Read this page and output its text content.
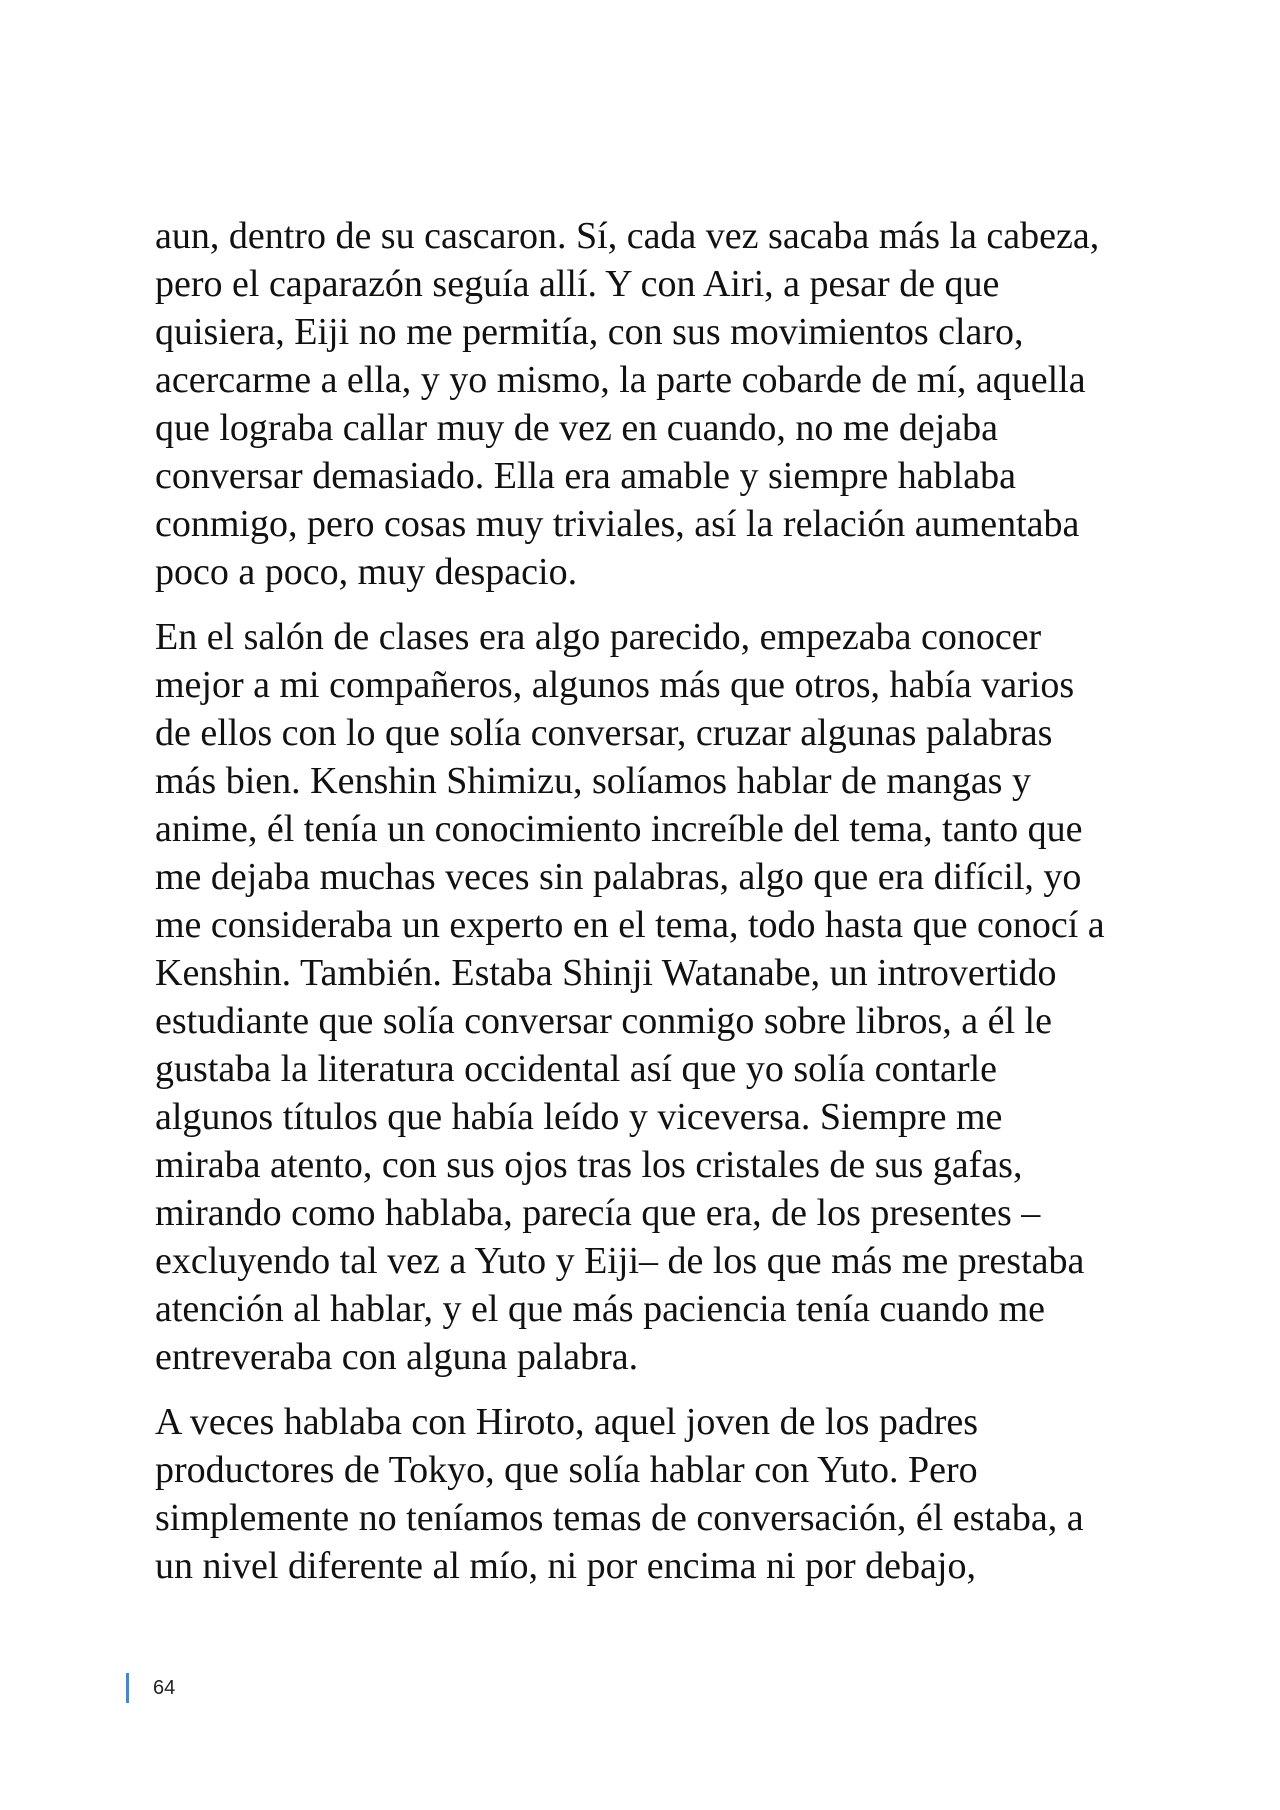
aun, dentro de su cascaron. Sí, cada vez sacaba más la cabeza,
pero el caparazón seguía allí. Y con Airi, a pesar de que
quisiera, Eiji no me permitía, con sus movimientos claro,
acercarme a ella, y yo mismo, la parte cobarde de mí, aquella
que lograba callar muy de vez en cuando, no me dejaba
conversar demasiado. Ella era amable y siempre hablaba
conmigo, pero cosas muy triviales, así la relación aumentaba
poco a poco, muy despacio.
En el salón de clases era algo parecido, empezaba conocer
mejor a mi compañeros, algunos más que otros, había varios
de ellos con lo que solía conversar, cruzar algunas palabras
más bien. Kenshin Shimizu, solíamos hablar de mangas y
anime, él tenía un conocimiento increíble del tema, tanto que
me dejaba muchas veces sin palabras, algo que era difícil, yo
me consideraba un experto en el tema, todo hasta que conocí a
Kenshin. También. Estaba Shinji Watanabe, un introvertido
estudiante que solía conversar conmigo sobre libros, a él le
gustaba la literatura occidental así que yo solía contarle
algunos títulos que había leído y viceversa. Siempre me
miraba atento, con sus ojos tras los cristales de sus gafas,
mirando como hablaba, parecía que era, de los presentes –
excluyendo tal vez a Yuto y Eiji– de los que más me prestaba
atención al hablar, y el que más paciencia tenía cuando me
entreveraba con alguna palabra.
A veces hablaba con Hiroto, aquel joven de los padres
productores de Tokyo, que solía hablar con Yuto. Pero
simplemente no teníamos temas de conversación, él estaba, a
un nivel diferente al mío, ni por encima ni por debajo,
64
